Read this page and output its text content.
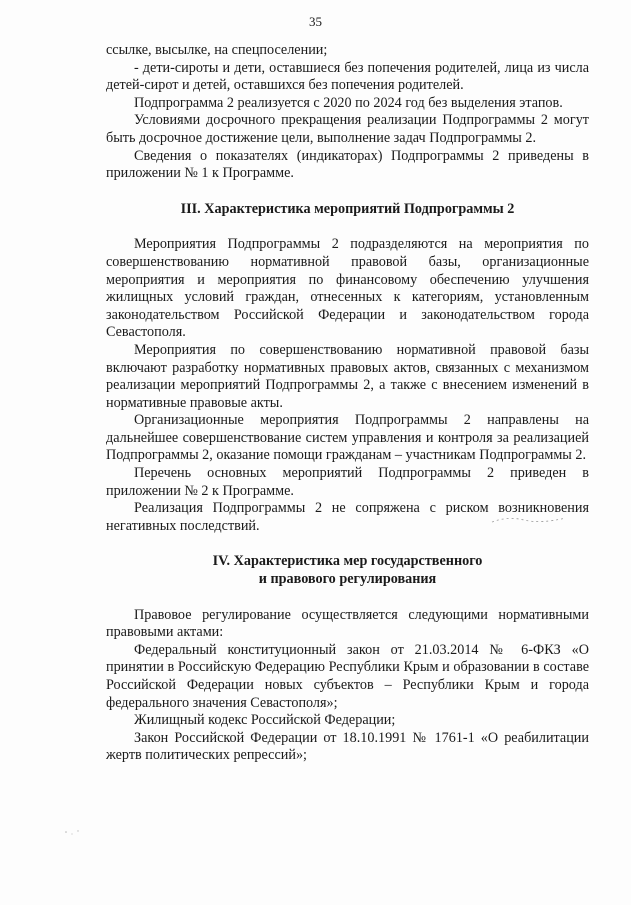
35

ссылке, высылке, на спецпоселении;

- дети-сироты и дети, оставшиеся без попечения родителей, лица из числа детей-сирот и детей, оставшихся без попечения родителей.

Подпрограмма 2 реализуется с 2020 по 2024 год без выделения этапов.

Условиями досрочного прекращения реализации Подпрограммы 2 могут быть досрочное достижение цели, выполнение задач Подпрограммы 2.

Сведения о показателях (индикаторах) Подпрограммы 2 приведены в приложении № 1 к Программе.

III. Характеристика мероприятий Подпрограммы 2

Мероприятия Подпрограммы 2 подразделяются на мероприятия по совершенствованию нормативной правовой базы, организационные мероприятия и мероприятия по финансовому обеспечению улучшения жилищных условий граждан, отнесенных к категориям, установленным законодательством Российской Федерации и законодательством города Севастополя.

Мероприятия по совершенствованию нормативной правовой базы включают разработку нормативных правовых актов, связанных с механизмом реализации мероприятий Подпрограммы 2, а также с внесением изменений в нормативные правовые акты.

Организационные мероприятия Подпрограммы 2 направлены на дальнейшее совершенствование систем управления и контроля за реализацией Подпрограммы 2, оказание помощи гражданам – участникам Подпрограммы 2.

Перечень основных мероприятий Подпрограммы 2 приведен в приложении № 2 к Программе.

Реализация Подпрограммы 2 не сопряжена с риском возникновения негативных последствий.

IV. Характеристика мер государственного
и правового регулирования

Правовое регулирование осуществляется следующими нормативными правовыми актами:

Федеральный конституционный закон от 21.03.2014 № 6-ФКЗ «О принятии в Российскую Федерацию Республики Крым и образовании в составе Российской Федерации новых субъектов – Республики Крым и города федерального значения Севастополя»;

Жилищный кодекс Российской Федерации;

Закон Российской Федерации от 18.10.1991 № 1761-1 «О реабилитации жертв политических репрессий»;
